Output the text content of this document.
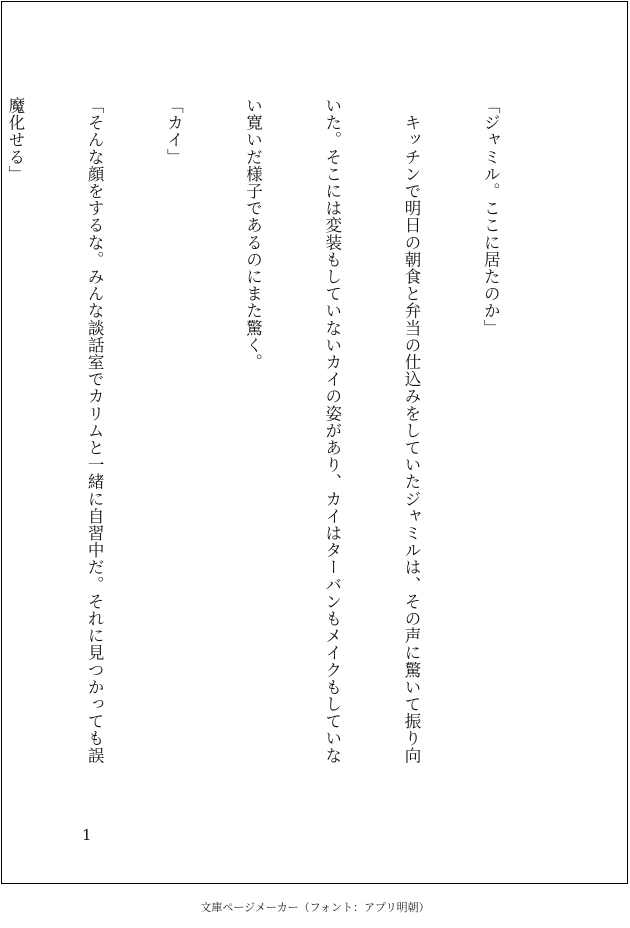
「ジャミル。ここに居たのか」

　キッチンで明日の朝食と弁当の仕込みをしていたジャミルは、その声に驚いて振り向

いた。そこには変装もしていないカイの姿があり、カイはターバンもメイクもしていな

い寛いだ様子であるのにまた驚く。

「カイ」

「そんな顔をするな。みんな談話室でカリムと一緒に自習中だ。それに見つかっても誤

魔化せる」

1
文庫ページメーカー（フォント：アプリ明朝）
